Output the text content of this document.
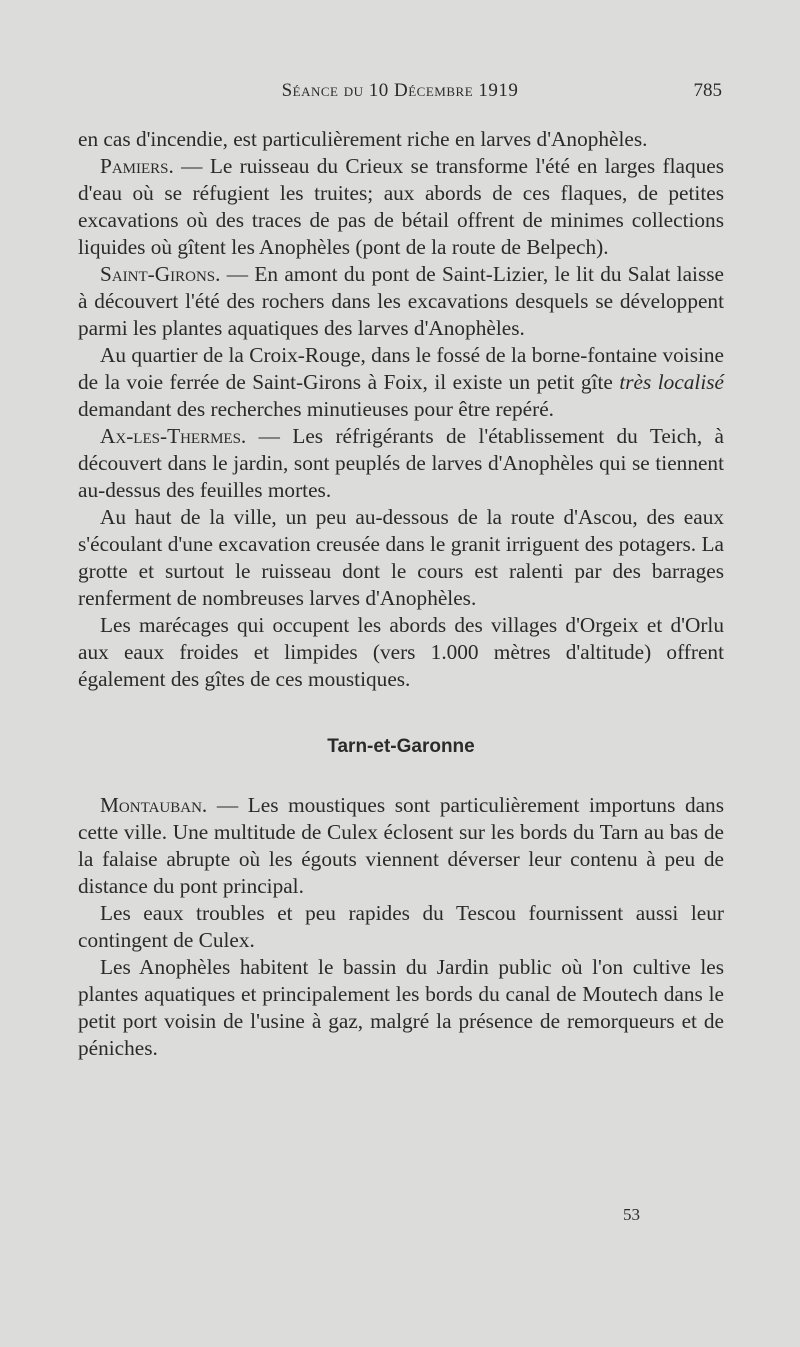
Séance du 10 Décembre 1919	785

en cas d'incendie, est particulièrement riche en larves d'Anophèles.

Pamiers. — Le ruisseau du Crieux se transforme l'été en larges flaques d'eau où se réfugient les truites; aux abords de ces flaques, de petites excavations où des traces de pas de bétail offrent de minimes collections liquides où gîtent les Anophèles (pont de la route de Belpech).

Saint-Girons. — En amont du pont de Saint-Lizier, le lit du Salat laisse à découvert l'été des rochers dans les excavations desquels se développent parmi les plantes aquatiques des larves d'Anophèles.

Au quartier de la Croix-Rouge, dans le fossé de la borne-fontaine voisine de la voie ferrée de Saint-Girons à Foix, il existe un petit gîte très localisé demandant des recherches minutieuses pour être repéré.

Ax-les-Thermes. — Les réfrigérants de l'établissement du Teich, à découvert dans le jardin, sont peuplés de larves d'Anophèles qui se tiennent au-dessus des feuilles mortes.

Au haut de la ville, un peu au-dessous de la route d'Ascou, des eaux s'écoulant d'une excavation creusée dans le granit irriguent des potagers. La grotte et surtout le ruisseau dont le cours est ralenti par des barrages renferment de nombreuses larves d'Anophèles.

Les marécages qui occupent les abords des villages d'Orgeix et d'Orlu aux eaux froides et limpides (vers 1.000 mètres d'altitude) offrent également des gîtes de ces moustiques.

Tarn-et-Garonne

Montauban. — Les moustiques sont particulièrement importuns dans cette ville. Une multitude de Culex éclosent sur les bords du Tarn au bas de la falaise abrupte où les égouts viennent déverser leur contenu à peu de distance du pont principal.

Les eaux troubles et peu rapides du Tescou fournissent aussi leur contingent de Culex.

Les Anophèles habitent le bassin du Jardin public où l'on cultive les plantes aquatiques et principalement les bords du canal de Moutech dans le petit port voisin de l'usine à gaz, malgré la présence de remorqueurs et de péniches.

53
